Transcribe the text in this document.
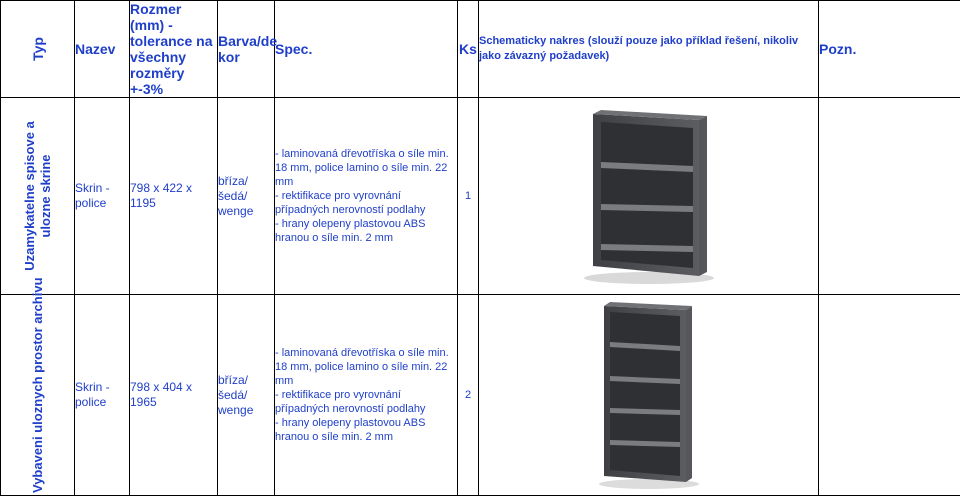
Typ	Nazev	Rozmer (mm) - tolerance na všechny rozměry +-3%	Barva/de kor	Spec.	Ks	Schematicky nakres (slouží pouze jako příklad řešení, nikoliv jako závazný požadavek)	Pozn.

Uzamykatelne spisove a ulozne skrine	Skrin - police	798 x 422 x 1195	bříza/šedá/ wenge	- laminovaná dřevotříska o síle min. 18 mm, police lamino o síle min. 22 mm
- rektifikace pro vyrovnání případných nerovností podlahy
- hrany olepeny plastovou ABS hranou o síle min. 2 mm	1	

Vybaveni uloznych prostor archivu	Skrin - police	798 x 404 x 1965	bříza/šedá/ wenge	- laminovaná dřevotříska o síle min. 18 mm, police lamino o síle min. 22 mm
- rektifikace pro vyrovnání případných nerovností podlahy
- hrany olepeny plastovou ABS hranou o síle min. 2 mm	2	
